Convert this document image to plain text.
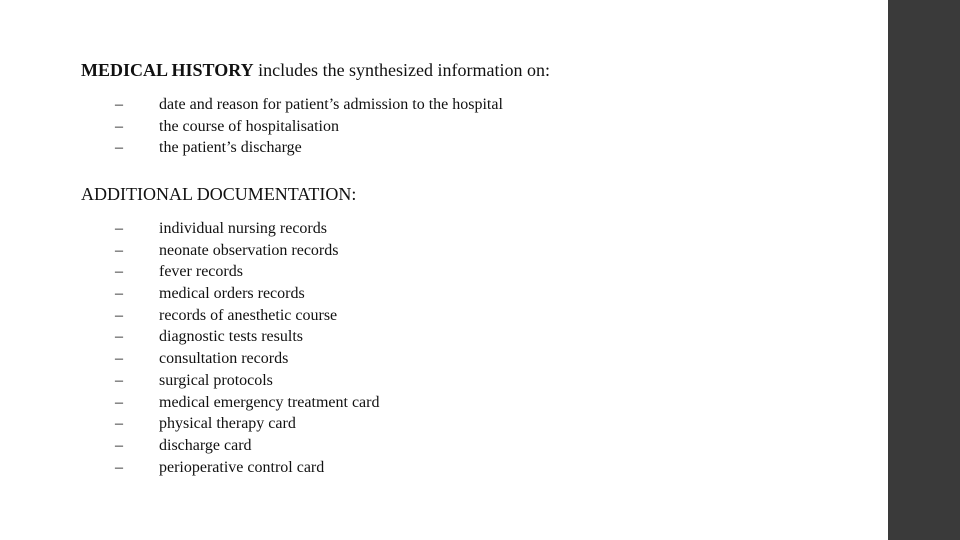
MEDICAL HISTORY includes the synthesized information on:
– date and reason for patient’s admission to the hospital
– the course of hospitalisation
– the patient’s discharge
ADDITIONAL DOCUMENTATION:
– individual nursing records
– neonate observation records
– fever records
– medical orders records
– records of anesthetic course
– diagnostic tests results
– consultation records
– surgical protocols
– medical emergency treatment card
– physical therapy card
– discharge card
– perioperative control card
